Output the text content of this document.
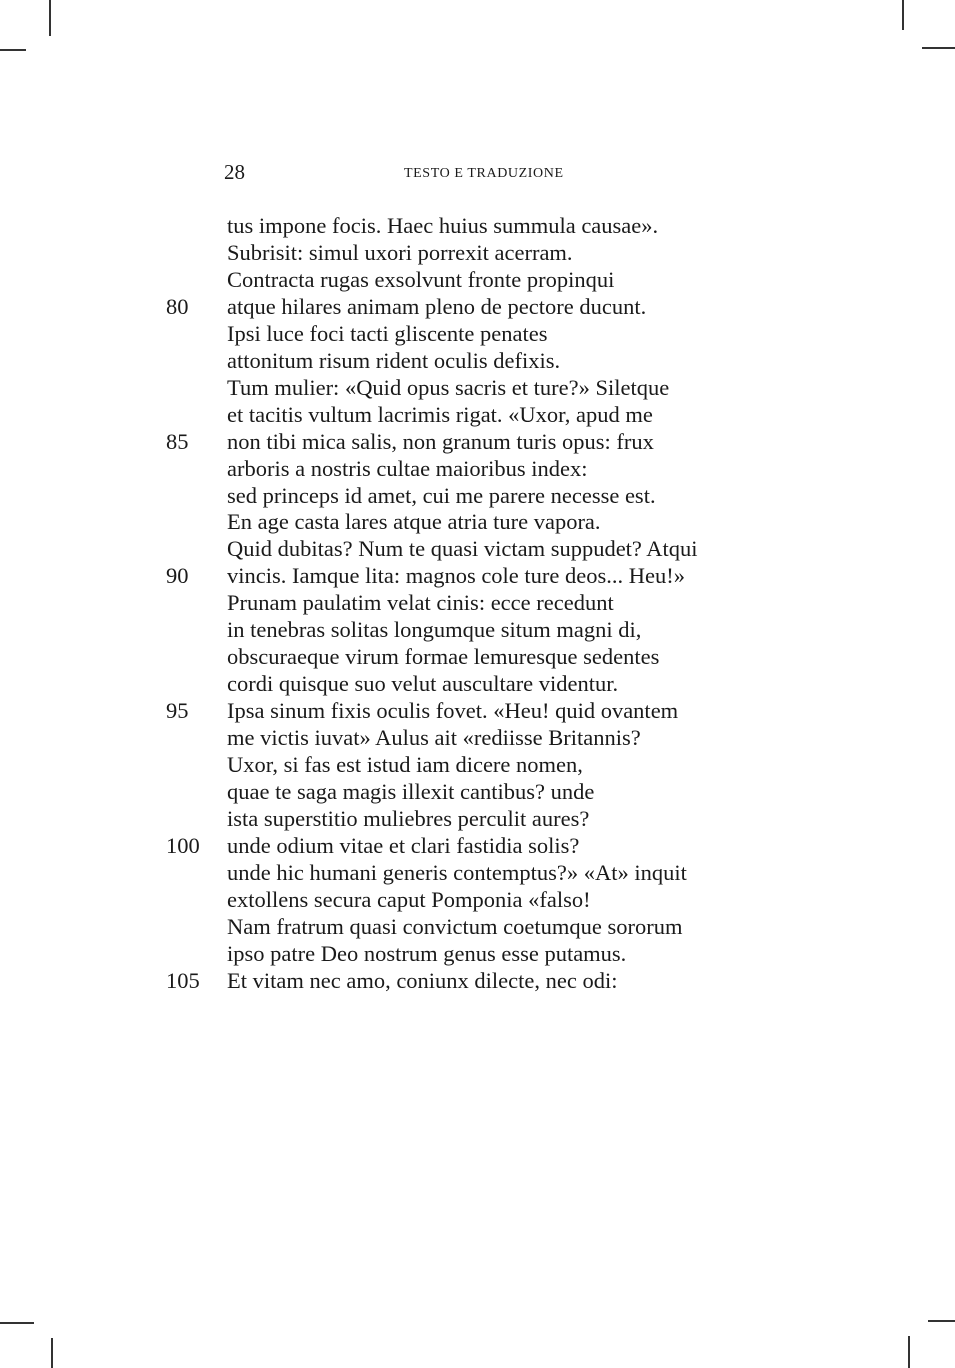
28	TESTO E TRADUZIONE
tus impone focis. Haec huius summula causae».
Subrisit: simul uxori porrexit acerram.
Contracta rugas exsolvunt fronte propinqui
80 atque hilares animam pleno de pectore ducunt.
Ipsi luce foci tacti gliscente penates
attonitum risum rident oculis defixis.
Tum mulier: «Quid opus sacris et ture?» Siletque
et tacitis vultum lacrimis rigat. «Uxor, apud me
85 non tibi mica salis, non granum turis opus: frux
arboris a nostris cultae maioribus index:
sed princeps id amet, cui me parere necesse est.
En age casta lares atque atria ture vapora.
Quid dubitas? Num te quasi victam suppudet? Atqui
90 vincis. Iamque lita: magnos cole ture deos... Heu!»
Prunam paulatim velat cinis: ecce recedunt
in tenebras solitas longumque situm magni di,
obscuraeque virum formae lemuresque sedentes
cordi quisque suo velut auscultare videntur.
95 Ipsa sinum fixis oculis fovet. «Heu! quid ovantem
me victis iuvat» Aulus ait «rediisse Britannis?
Uxor, si fas est istud iam dicere nomen,
quae te saga magis illexit cantibus? unde
ista superstitio muliebres perculit aures?
100 unde odium vitae et clari fastidia solis?
unde hic humani generis contemptus?» «At» inquit
extollens secura caput Pomponia «falso!
Nam fratrum quasi convictum coetumque sororum
ipso patre Deo nostrum genus esse putamus.
105 Et vitam nec amo, coniunx dilecte, nec odi:
